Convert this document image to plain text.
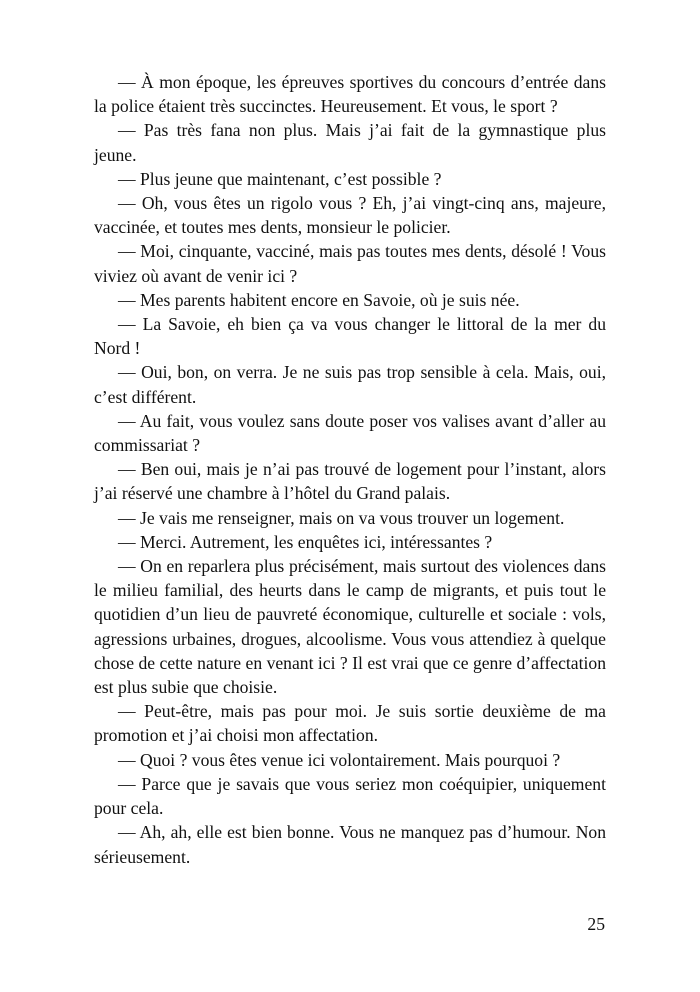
— À mon époque, les épreuves sportives du concours d’entrée dans la police étaient très succinctes. Heureusement. Et vous, le sport ?

— Pas très fana non plus. Mais j’ai fait de la gymnastique plus jeune.

— Plus jeune que maintenant, c’est possible ?

— Oh, vous êtes un rigolo vous ? Eh, j’ai vingt-cinq ans, majeure, vaccinée, et toutes mes dents, monsieur le policier.

— Moi, cinquante, vacciné, mais pas toutes mes dents, désolé ! Vous viviez où avant de venir ici ?

— Mes parents habitent encore en Savoie, où je suis née.

— La Savoie, eh bien ça va vous changer le littoral de la mer du Nord !

— Oui, bon, on verra. Je ne suis pas trop sensible à cela. Mais, oui, c’est différent.

— Au fait, vous voulez sans doute poser vos valises avant d’aller au commissariat ?

— Ben oui, mais je n’ai pas trouvé de logement pour l’instant, alors j’ai réservé une chambre à l’hôtel du Grand palais.

— Je vais me renseigner, mais on va vous trouver un logement.

— Merci. Autrement, les enquêtes ici, intéressantes ?

— On en reparlera plus précisément, mais surtout des violences dans le milieu familial, des heurts dans le camp de migrants, et puis tout le quotidien d’un lieu de pauvreté économique, culturelle et sociale : vols, agressions urbaines, drogues, alcoolisme. Vous vous attendiez à quelque chose de cette nature en venant ici ? Il est vrai que ce genre d’affectation est plus subie que choisie.

— Peut-être, mais pas pour moi. Je suis sortie deuxième de ma promotion et j’ai choisi mon affectation.

— Quoi ? vous êtes venue ici volontairement. Mais pourquoi ?

— Parce que je savais que vous seriez mon coéquipier, uniquement pour cela.

— Ah, ah, elle est bien bonne. Vous ne manquez pas d’humour. Non sérieusement.

25
